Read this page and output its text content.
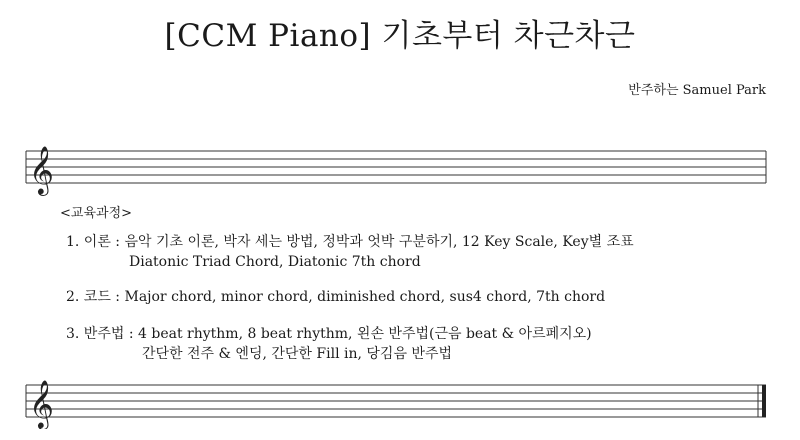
[CCM Piano] 기초부터 차근차근
반주하는 Samuel Park
𝄞
<교육과정>
1. 이론 : 음악 기초 이론, 박자 세는 방법, 정박과 엇박 구분하기, 12 Key Scale, Key별 조표
Diatonic Triad Chord, Diatonic 7th chord
2. 코드 : Major chord, minor chord, diminished chord, sus4 chord, 7th chord
3. 반주법 : 4 beat rhythm, 8 beat rhythm, 왼손 반주법(근음 beat & 아르페지오)
간단한 전주 & 엔딩, 간단한 Fill in, 당김음 반주법
𝄞
